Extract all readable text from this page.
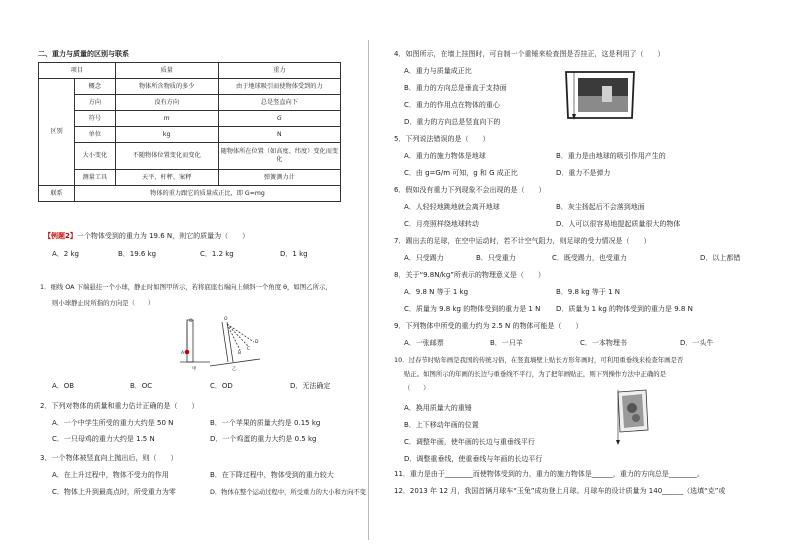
二、重力与质量的区别与联系
项目		质量	重力
区别	概念	物体所含物质的多少	由于地球吸引而使物体受到的力
	方向	没有方向	总是竖直向下
	符号	m	G
	单位	kg	N
	大小变化	不随物体位置变化而变化	随物体所在位置（如高度、纬度）变化而变化
	测量工具	天平、杆秤、案秤	弹簧测力计
联系	物体的重力跟它的质量成正比，即 G=mg		
【例题2】一个物体受到的重力为 19.6 N，则它的质量为（　　）
A．2 kg	B．19.6 kg	C．1.2 kg	D．1 kg
1．细线 OA 下端悬挂一个小球，静止时如图甲所示，若将底座右端向上倾斜一个角度 θ，如图乙所示，
则小球静止时所指的方向是（　　）
O
A
O
B
C
D
甲	乙
A．OB	B．OC	C．OD	D．无法确定
2．下列对物体的质量和重力估计正确的是（　　）
A．一个中学生所受的重力大约是 50 N	B．一个苹果的质量大约是 0.15 kg
C．一只母鸡的重力大约是 1.5 N	D．一个鸡蛋的重力大约是 0.5 kg
3．一个物体被竖直向上抛出后，则（　　）
A．在上升过程中，物体不受力的作用	B．在下降过程中，物体受到的重力较大
C．物体上升到最高点时，所受重力为零	D．物体在整个运动过程中，所受重力的大小和方向不变
4．如图所示，在墙上挂图时，可自制一个重锤来检查图是否挂正，这是利用了（　　）
A．重力与质量成正比
B．重力的方向总是垂直于支持面
C．重力的作用点在物体的重心
D．重力的方向总是竖直向下的
5．下列说法错误的是（　　）
A．重力的施力物体是地球	B．重力是由地球的吸引作用产生的
C．由 g=G/m 可知，g 和 G 成正比	D．重力不是弹力
6．假如没有重力下列现象不会出现的是（　　）
A．人轻轻地跳地就会离开地球	B．灰尘扬起后不会落到地面
C．月亮照样绕地球转动	D．人可以很容易地提起质量很大的物体
7．踢出去的足球，在空中运动时，若不计空气阻力，则足球的受力情况是（　　）
A．只受踢力	B．只受重力	C．既受踢力，也受重力	D．以上都错
8．关于“9.8N/kg”所表示的物理意义是（　　）
A．9.8 N 等于 1 kg	B．9.8 kg 等于 1 N
C．质量为 9.8 kg 的物体受到的重力是 1 N D．质量为 1 kg 的物体受到的重力是 9.8 N
9．下列物体中所受的重力约为 2.5 N 的物体可能是（　　）
A．一张邮票	B．一只羊	C．一本物理书	D．一头牛
10．过春节时贴年画是我国的传统习俗，在竖直墙壁上贴长方形年画时，可利用重垂线来检查年画是否
贴正。如图所示的年画的长边与重垂线不平行，为了把年画贴正，则下列操作方法中正确的是
（　　）
A．换用质量大的重锤
B．上下移动年画的位置
C．调整年画，使年画的长边与重垂线平行
D．调整重垂线，使重垂线与年画的长边平行
11．重力是由于________而使物体受到的力，重力的施力物体是______，重力的方向总是________。
12．2013 年 12 月，我国首辆月球车“玉兔”成功登上月球。月球车的设计质量为 140______（选填“克”或
